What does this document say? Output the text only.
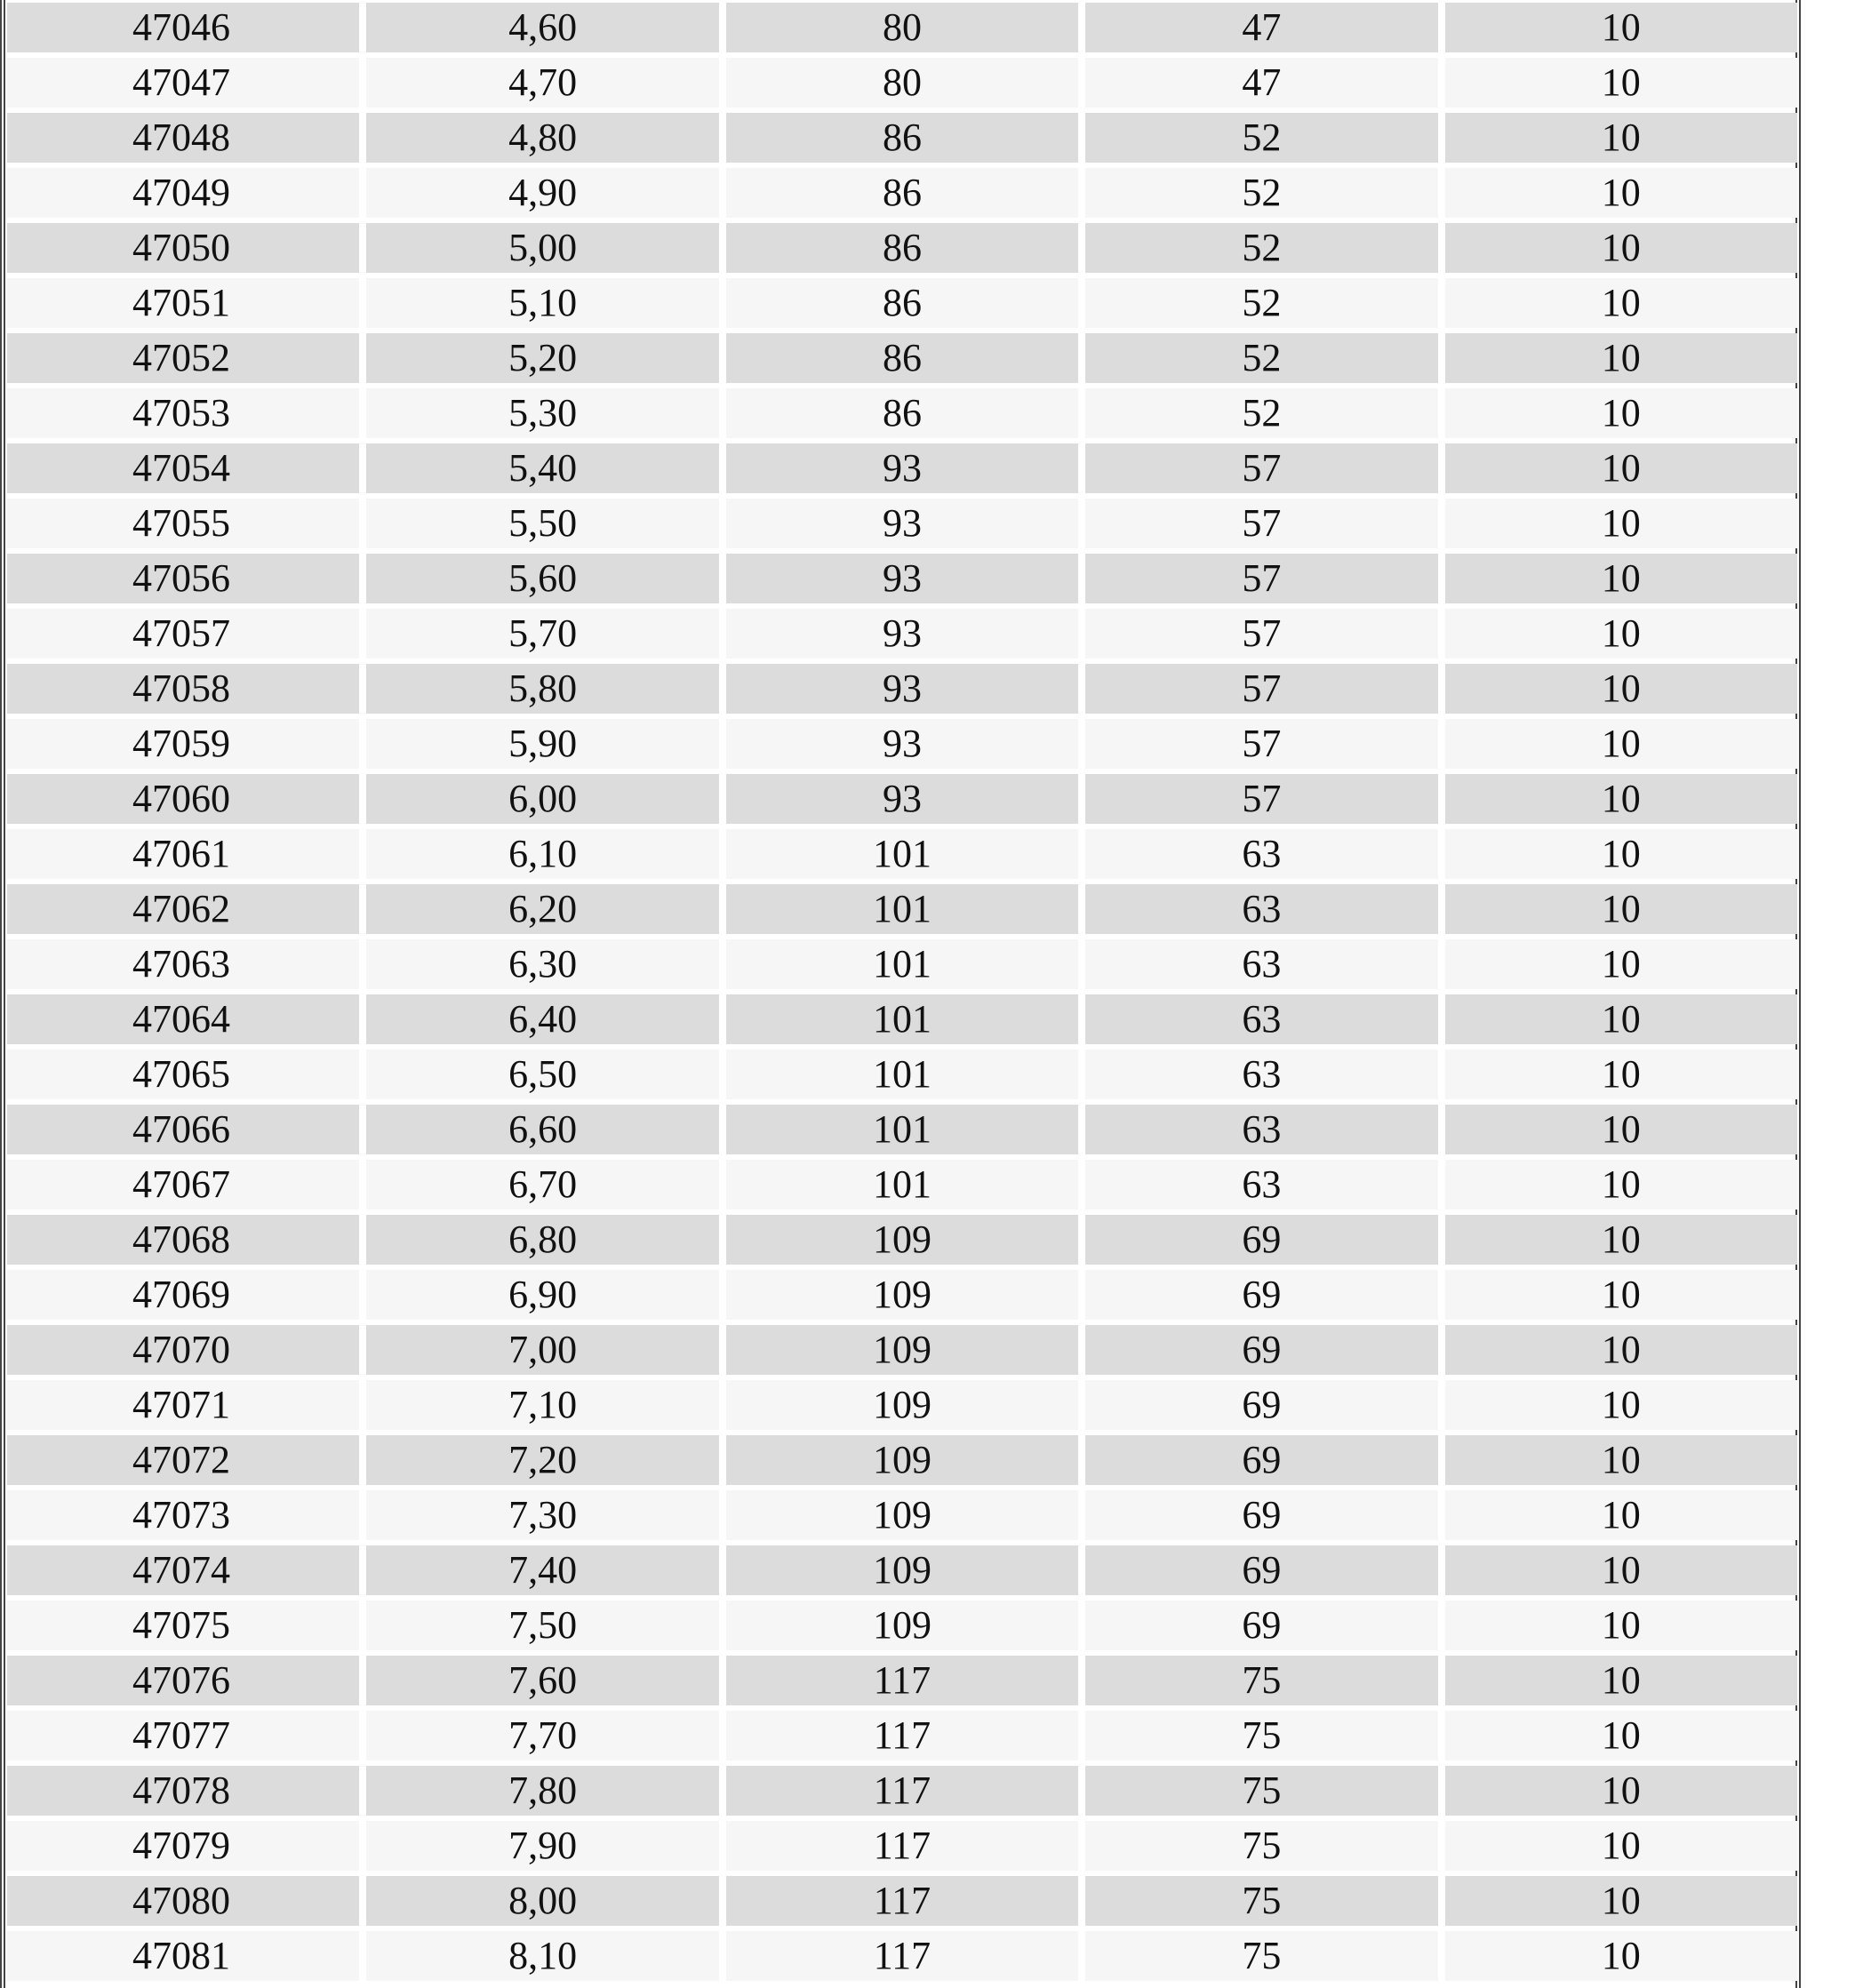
47046	4,60	80	47	10
47047	4,70	80	47	10
47048	4,80	86	52	10
47049	4,90	86	52	10
47050	5,00	86	52	10
47051	5,10	86	52	10
47052	5,20	86	52	10
47053	5,30	86	52	10
47054	5,40	93	57	10
47055	5,50	93	57	10
47056	5,60	93	57	10
47057	5,70	93	57	10
47058	5,80	93	57	10
47059	5,90	93	57	10
47060	6,00	93	57	10
47061	6,10	101	63	10
47062	6,20	101	63	10
47063	6,30	101	63	10
47064	6,40	101	63	10
47065	6,50	101	63	10
47066	6,60	101	63	10
47067	6,70	101	63	10
47068	6,80	109	69	10
47069	6,90	109	69	10
47070	7,00	109	69	10
47071	7,10	109	69	10
47072	7,20	109	69	10
47073	7,30	109	69	10
47074	7,40	109	69	10
47075	7,50	109	69	10
47076	7,60	117	75	10
47077	7,70	117	75	10
47078	7,80	117	75	10
47079	7,90	117	75	10
47080	8,00	117	75	10
47081	8,10	117	75	10
